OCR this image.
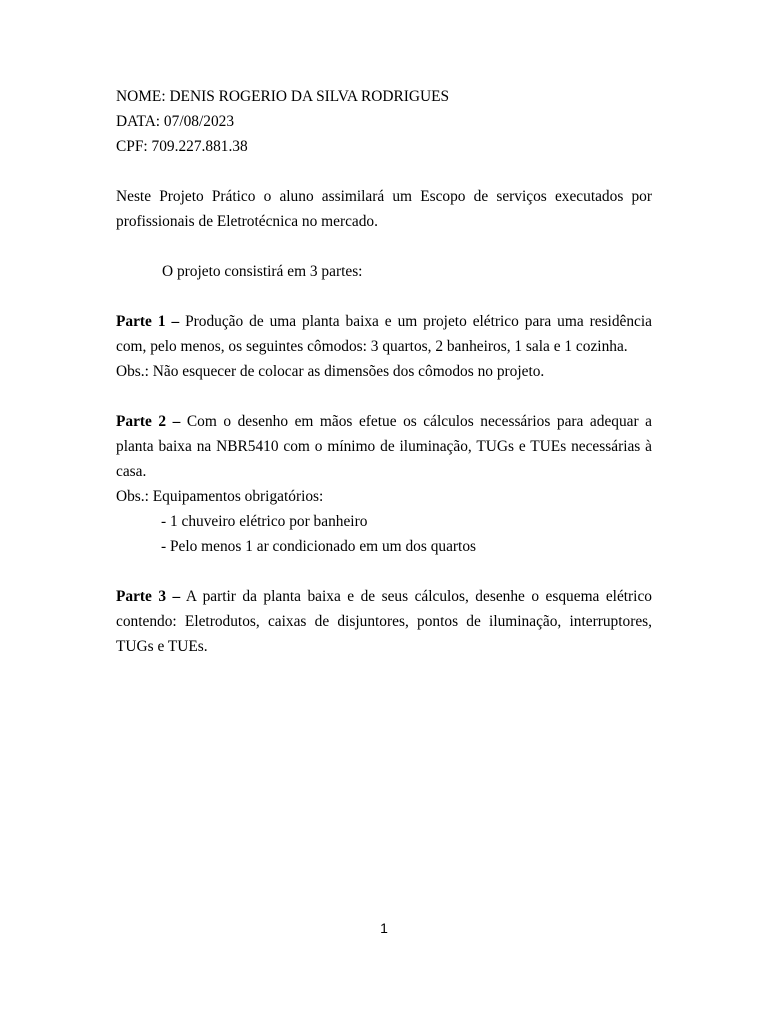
NOME: DENIS ROGERIO DA SILVA RODRIGUES
DATA: 07/08/2023
CPF: 709.227.881.38

Neste Projeto Prático o aluno assimilará um Escopo de serviços executados por profissionais de Eletrotécnica no mercado.

O projeto consistirá em 3 partes:

Parte 1 – Produção de uma planta baixa e um projeto elétrico para uma residência com, pelo menos, os seguintes cômodos: 3 quartos, 2 banheiros, 1 sala e 1 cozinha.

Obs.: Não esquecer de colocar as dimensões dos cômodos no projeto.

Parte 2 – Com o desenho em mãos efetue os cálculos necessários para adequar a planta baixa na NBR5410 com o mínimo de iluminação, TUGs e TUEs necessárias à casa.

Obs.: Equipamentos obrigatórios:
- 1 chuveiro elétrico por banheiro
- Pelo menos 1 ar condicionado em um dos quartos

Parte 3 – A partir da planta baixa e de seus cálculos, desenhe o esquema elétrico contendo: Eletrodutos, caixas de disjuntores, pontos de iluminação, interruptores, TUGs e TUEs.

1
